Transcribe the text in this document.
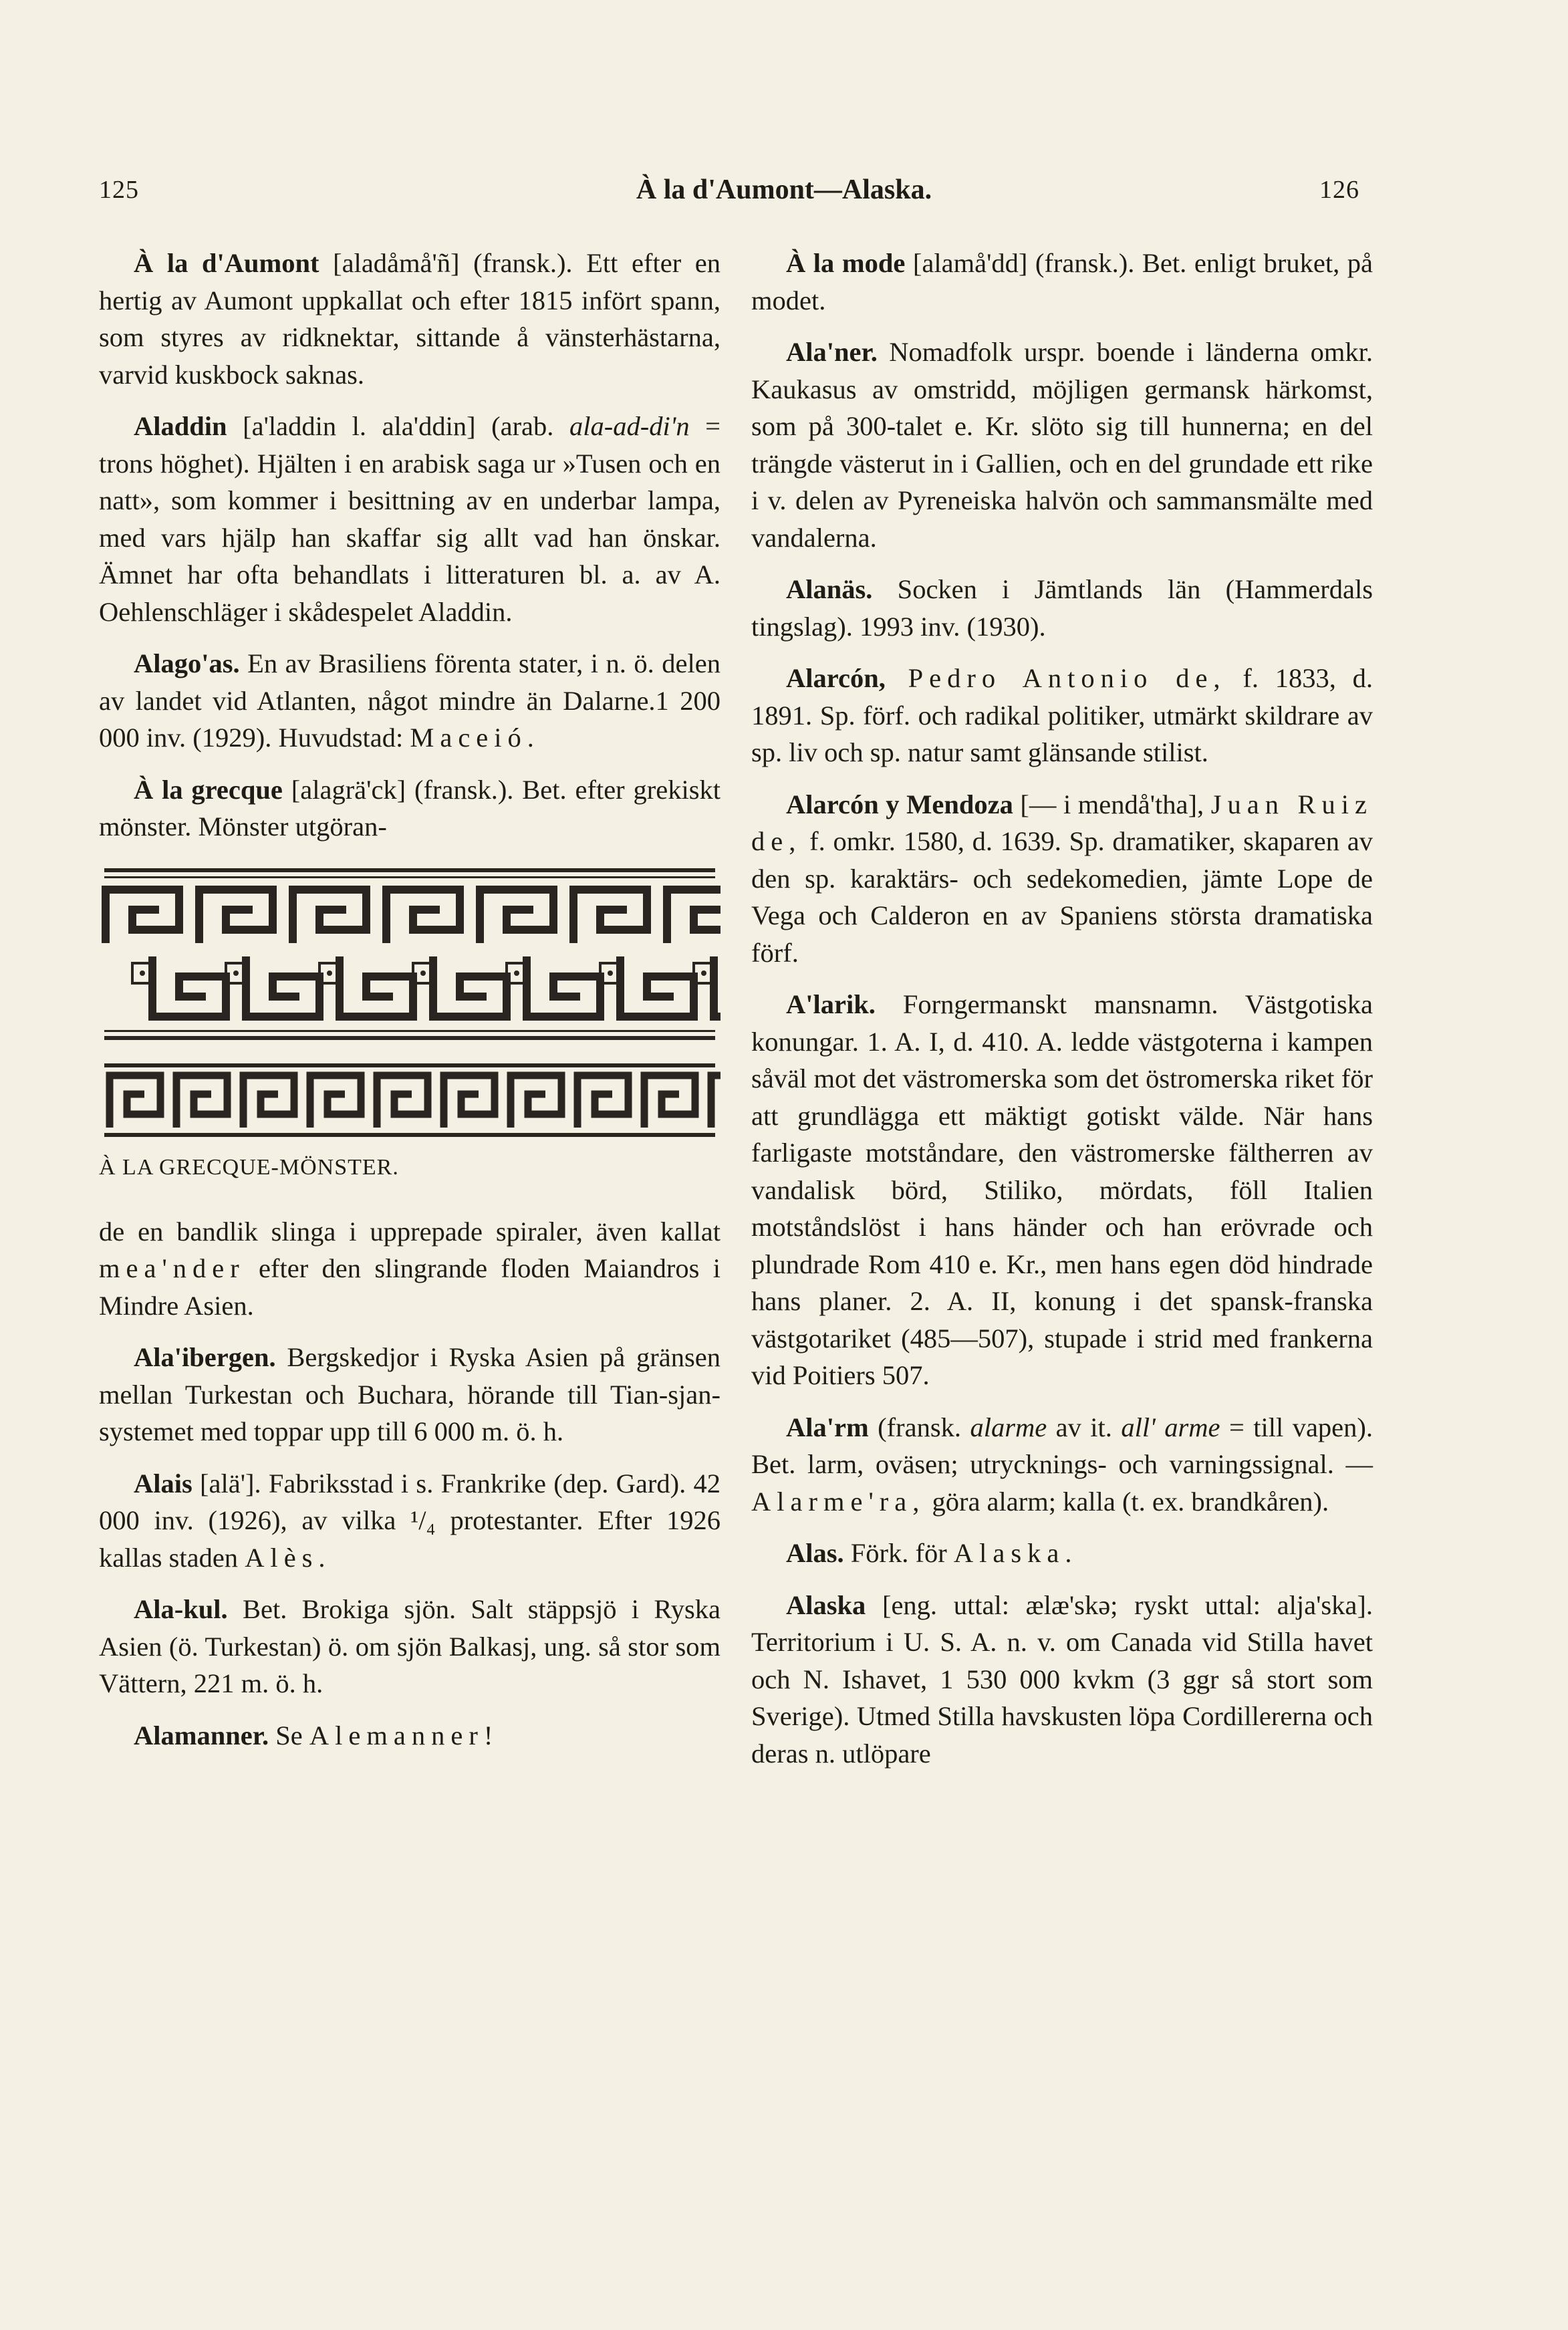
125	À la d'Aumont—Alaska.	126

À la d'Aumont [aladåmå'ñ] (fransk.). Ett efter en hertig av Aumont uppkallat och efter 1815 infört spann, som styres av ridknektar, sittande å vänsterhästarna, varvid kuskbock saknas.

Aladdin [a'laddin l. ala'ddin] (arab. ala-ad-di'n = trons höghet). Hjälten i en arabisk saga ur »Tusen och en natt», som kommer i besittning av en underbar lampa, med vars hjälp han skaffar sig allt vad han önskar. Ämnet har ofta behandlats i litteraturen bl. a. av A. Oehlenschläger i skådespelet Aladdin.

Alago'as. En av Brasiliens förenta stater, i n. ö. delen av landet vid Atlanten, något mindre än Dalarne.1 200 000 inv. (1929). Huvudstad: Maceió.

À la grecque [alagrä'ck] (fransk.). Bet. efter grekiskt mönster. Mönster utgöran-

À LA GRECQUE-MÖNSTER.

de en bandlik slinga i upprepade spiraler, även kallat mea'nder efter den slingrande floden Maiandros i Mindre Asien.

Ala'ibergen. Bergskedjor i Ryska Asien på gränsen mellan Turkestan och Buchara, hörande till Tian-sjan-systemet med toppar upp till 6 000 m. ö. h.

Alais [alä']. Fabriksstad i s. Frankrike (dep. Gard). 42 000 inv. (1926), av vilka ¹/₄ protestanter. Efter 1926 kallas staden Alès.

Ala-kul. Bet. Brokiga sjön. Salt stäppsjö i Ryska Asien (ö. Turkestan) ö. om sjön Balkasj, ung. så stor som Vättern, 221 m. ö. h.

Alamanner. Se Alemanner!

À la mode [alamå'dd] (fransk.). Bet. enligt bruket, på modet.

Ala'ner. Nomadfolk urspr. boende i länderna omkr. Kaukasus av omstridd, möjligen germansk härkomst, som på 300-talet e. Kr. slöto sig till hunnerna; en del trängde västerut in i Gallien, och en del grundade ett rike i v. delen av Pyreneiska halvön och sammansmälte med vandalerna.

Alanäs. Socken i Jämtlands län (Hammerdals tingslag). 1993 inv. (1930).

Alarcón, Pedro Antonio de, f. 1833, d. 1891. Sp. förf. och radikal politiker, utmärkt skildrare av sp. liv och sp. natur samt glänsande stilist.

Alarcón y Mendoza [— i mendå'tha], Juan Ruiz de, f. omkr. 1580, d. 1639. Sp. dramatiker, skaparen av den sp. karaktärs- och sedekomedien, jämte Lope de Vega och Calderon en av Spaniens största dramatiska förf.

A'larik. Forngermanskt mansnamn. Västgotiska konungar. 1. A. I, d. 410. A. ledde västgoterna i kampen såväl mot det västromerska som det östromerska riket för att grundlägga ett mäktigt gotiskt välde. När hans farligaste motståndare, den västromerske fältherren av vandalisk börd, Stiliko, mördats, föll Italien motståndslöst i hans händer och han erövrade och plundrade Rom 410 e. Kr., men hans egen död hindrade hans planer. 2. A. II, konung i det spansk-franska västgotariket (485—507), stupade i strid med frankerna vid Poitiers 507.

Ala'rm (fransk. alarme av it. all' arme = till vapen). Bet. larm, oväsen; utrycknings- och varningssignal. — Alarme'ra, göra alarm; kalla (t. ex. brandkåren).

Alas. Förk. för Alaska.

Alaska [eng. uttal: ælæ'skə; ryskt uttal: alja'ska]. Territorium i U. S. A. n. v. om Canada vid Stilla havet och N. Ishavet, 1 530 000 kvkm (3 ggr så stort som Sverige). Utmed Stilla havskusten löpa Cordillererna och deras n. utlöpare
